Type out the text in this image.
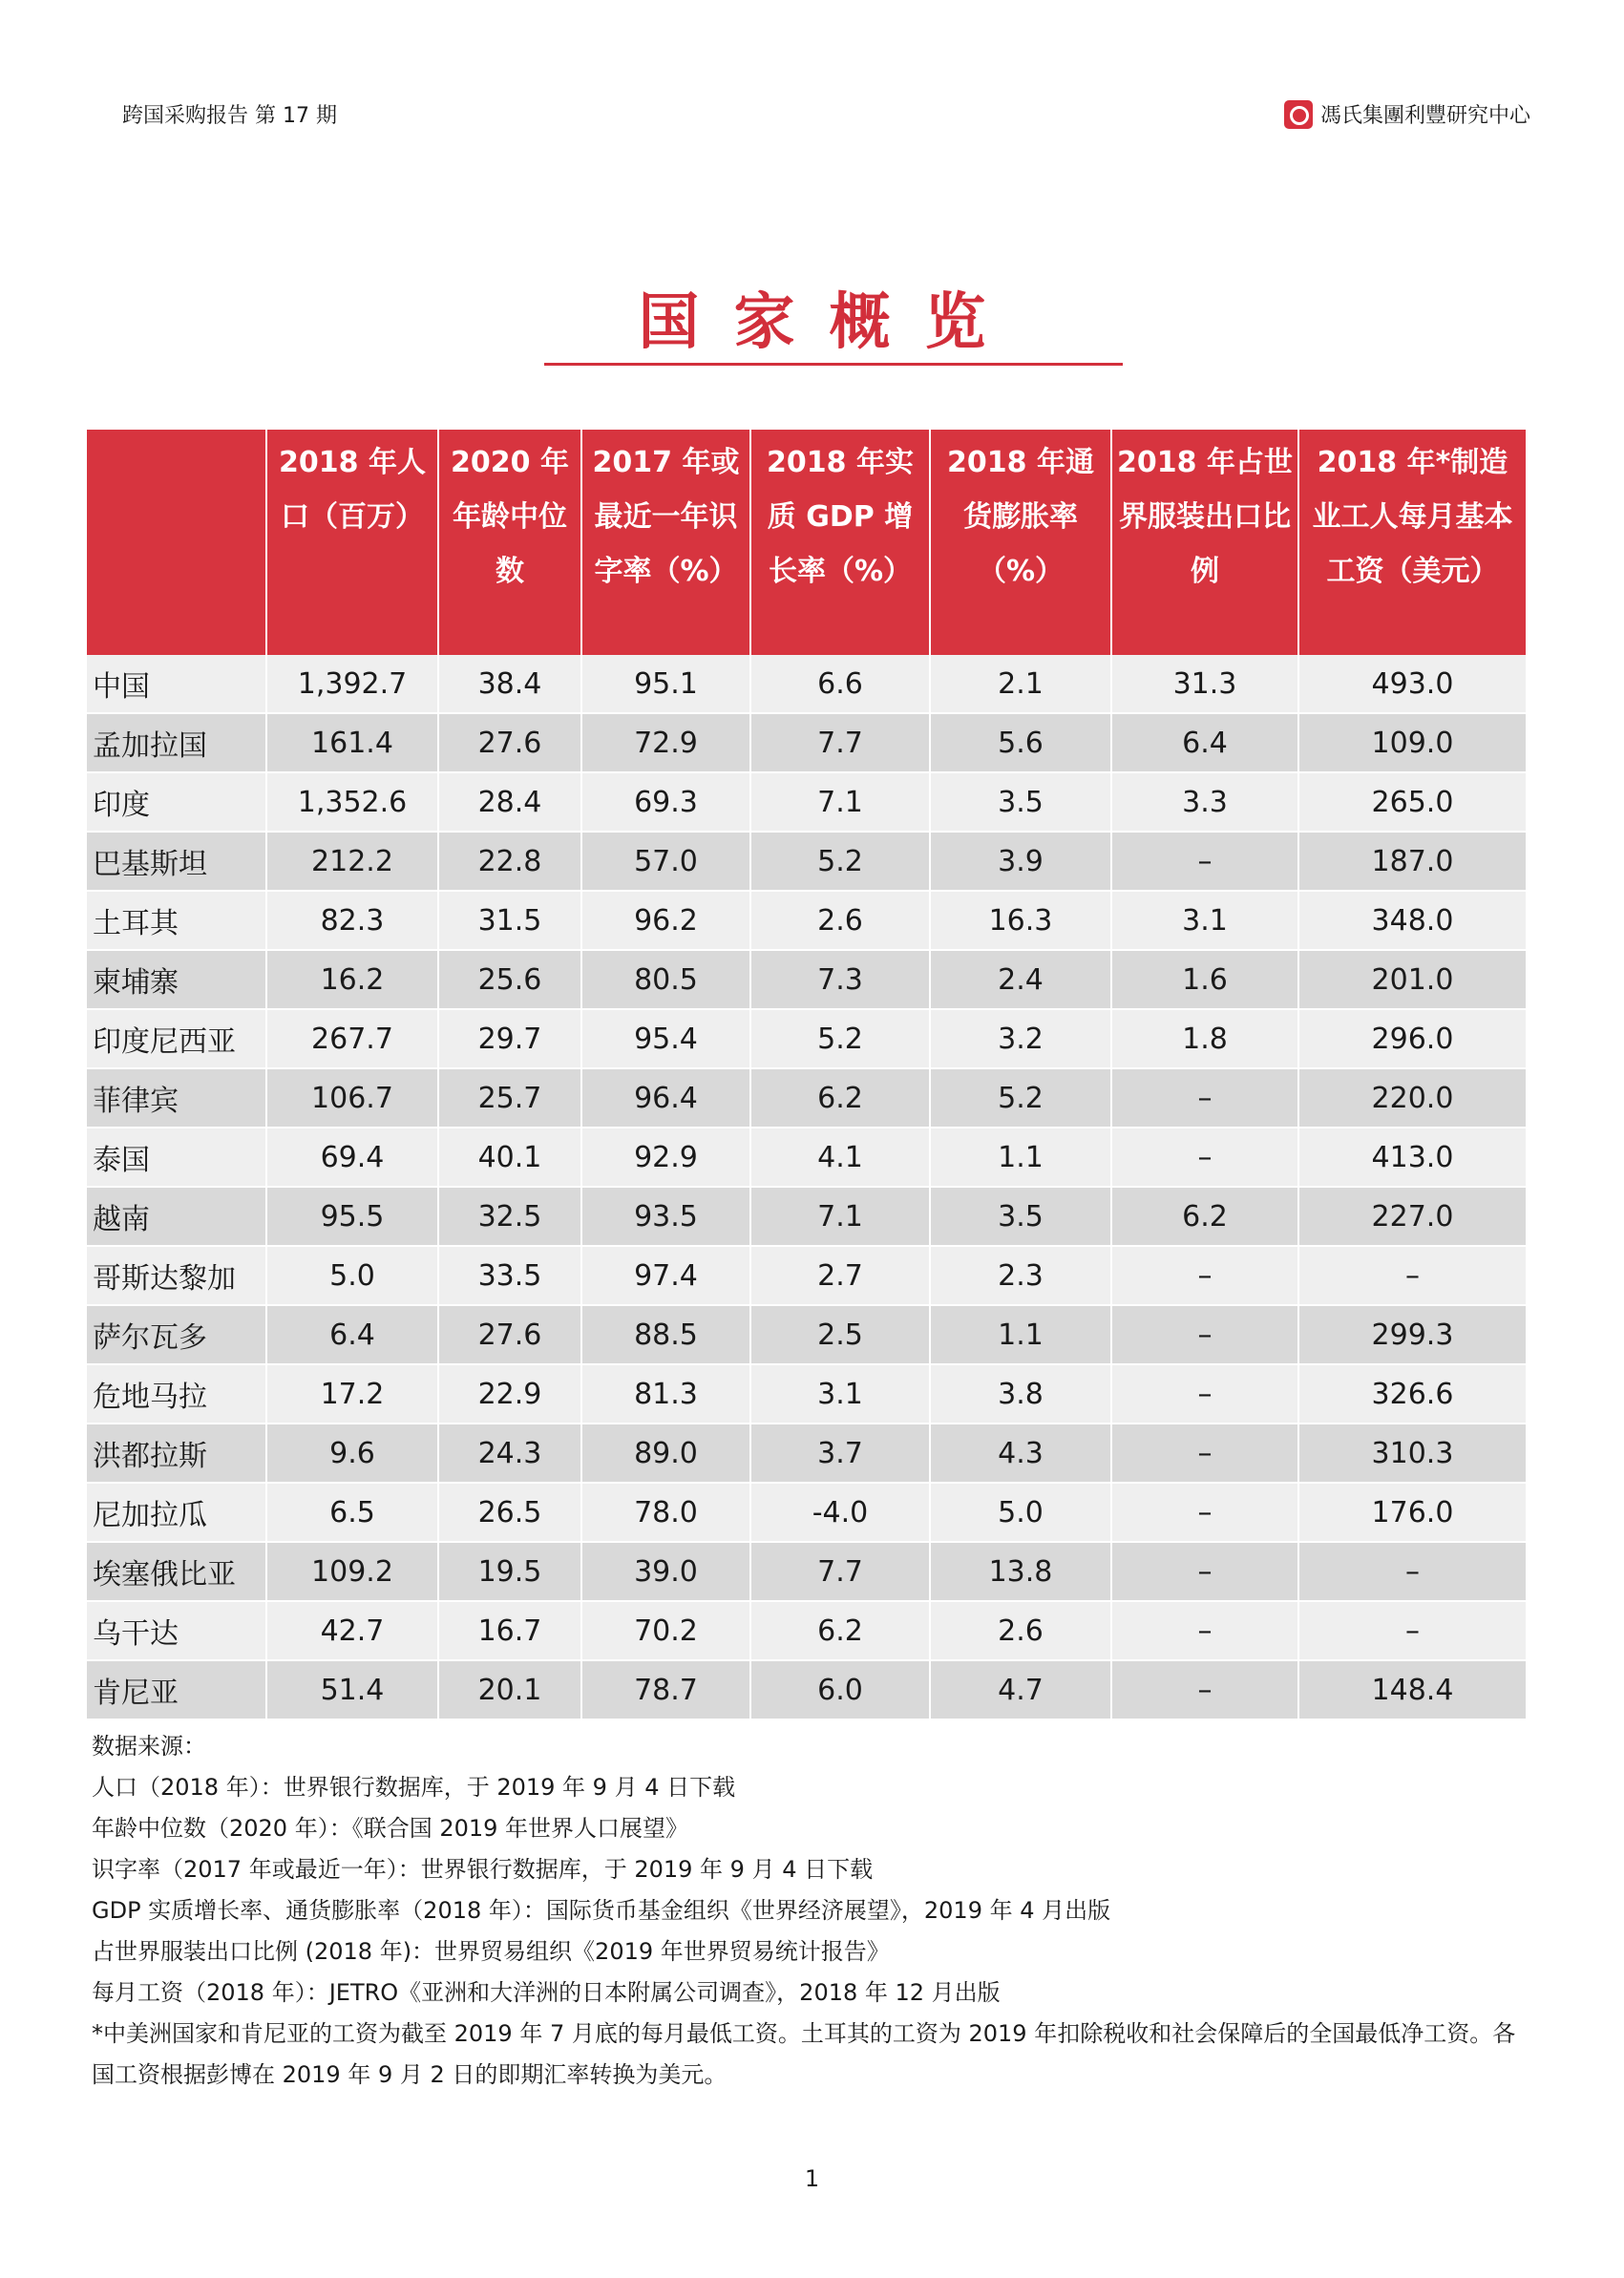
跨国采购报告 第 17 期	馮氏集團利豐研究中心
国家概览
	2018 年人口（百万）	2020 年年龄中位数	2017 年或最近一年识字率（%）	2018 年实质 GDP 增长率（%）	2018 年通货膨胀率（%）	2018 年占世界服装出口比例	2018 年*制造业工人每月基本工资（美元）
中国	1,392.7	38.4	95.1	6.6	2.1	31.3	493.0
孟加拉国	161.4	27.6	72.9	7.7	5.6	6.4	109.0
印度	1,352.6	28.4	69.3	7.1	3.5	3.3	265.0
巴基斯坦	212.2	22.8	57.0	5.2	3.9	–	187.0
土耳其	82.3	31.5	96.2	2.6	16.3	3.1	348.0
柬埔寨	16.2	25.6	80.5	7.3	2.4	1.6	201.0
印度尼西亚	267.7	29.7	95.4	5.2	3.2	1.8	296.0
菲律宾	106.7	25.7	96.4	6.2	5.2	–	220.0
泰国	69.4	40.1	92.9	4.1	1.1	–	413.0
越南	95.5	32.5	93.5	7.1	3.5	6.2	227.0
哥斯达黎加	5.0	33.5	97.4	2.7	2.3	–	–
萨尔瓦多	6.4	27.6	88.5	2.5	1.1	–	299.3
危地马拉	17.2	22.9	81.3	3.1	3.8	–	326.6
洪都拉斯	9.6	24.3	89.0	3.7	4.3	–	310.3
尼加拉瓜	6.5	26.5	78.0	-4.0	5.0	–	176.0
埃塞俄比亚	109.2	19.5	39.0	7.7	13.8	–	–
乌干达	42.7	16.7	70.2	6.2	2.6	–	–
肯尼亚	51.4	20.1	78.7	6.0	4.7	–	148.4

数据来源：

人口（2018 年）：世界银行数据库，于 2019 年 9 月 4 日下载

年龄中位数（2020 年）：《联合国 2019 年世界人口展望》

识字率（2017 年或最近一年）：世界银行数据库，于 2019 年 9 月 4 日下载

GDP 实质增长率、通货膨胀率（2018 年）：国际货币基金组织《世界经济展望》，2019 年 4 月出版

占世界服装出口比例 (2018 年)：世界贸易组织《2019 年世界贸易统计报告》

每月工资（2018 年）：JETRO《亚洲和大洋洲的日本附属公司调查》，2018 年 12 月出版

*中美洲国家和肯尼亚的工资为截至 2019 年 7 月底的每月最低工资。土耳其的工资为 2019 年扣除税收和社会保障后的全国最低净工资。各国工资根据彭博在 2019 年 9 月 2 日的即期汇率转换为美元。

1
